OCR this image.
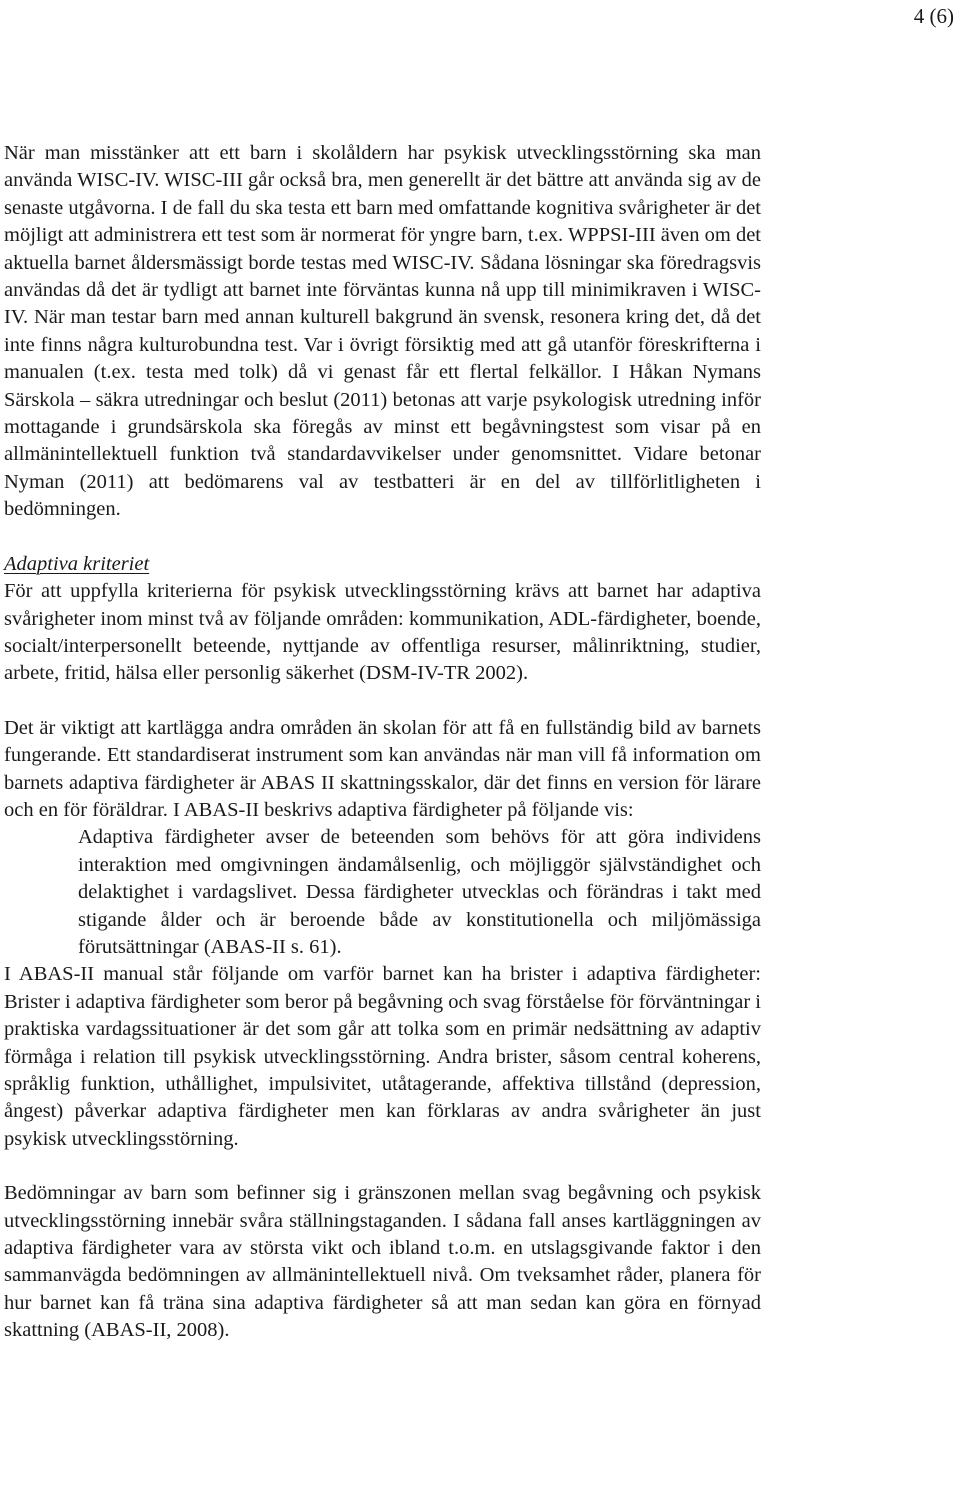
4 (6)

När man misstänker att ett barn i skolåldern har psykisk utvecklingsstörning ska man använda WISC-IV. WISC-III går också bra, men generellt är det bättre att använda sig av de senaste utgåvorna. I de fall du ska testa ett barn med omfattande kognitiva svårigheter är det möjligt att administrera ett test som är normerat för yngre barn, t.ex. WPPSI-III även om det aktuella barnet åldersmässigt borde testas med WISC-IV. Sådana lösningar ska föredragsvis användas då det är tydligt att barnet inte förväntas kunna nå upp till minimikraven i WISC-IV. När man testar barn med annan kulturell bakgrund än svensk, resonera kring det, då det inte finns några kulturobundna test. Var i övrigt försiktig med att gå utanför föreskrifterna i manualen (t.ex. testa med tolk) då vi genast får ett flertal felkällor. I Håkan Nymans Särskola – säkra utredningar och beslut (2011) betonas att varje psykologisk utredning inför mottagande i grundsärskola ska föregås av minst ett begåvningstest som visar på en allmänintellektuell funktion två standardavvikelser under genomsnittet. Vidare betonar Nyman (2011) att bedömarens val av testbatteri är en del av tillförlitligheten i bedömningen.

Adaptiva kriteriet

För att uppfylla kriterierna för psykisk utvecklingsstörning krävs att barnet har adaptiva svårigheter inom minst två av följande områden: kommunikation, ADL-färdigheter, boende, socialt/interpersonellt beteende, nyttjande av offentliga resurser, målinriktning, studier, arbete, fritid, hälsa eller personlig säkerhet (DSM-IV-TR 2002).

Det är viktigt att kartlägga andra områden än skolan för att få en fullständig bild av barnets fungerande. Ett standardiserat instrument som kan användas när man vill få information om barnets adaptiva färdigheter är ABAS II skattningsskalor, där det finns en version för lärare och en för föräldrar. I ABAS-II beskrivs adaptiva färdigheter på följande vis:

Adaptiva färdigheter avser de beteenden som behövs för att göra individens interaktion med omgivningen ändamålsenlig, och möjliggör självständighet och delaktighet i vardagslivet. Dessa färdigheter utvecklas och förändras i takt med stigande ålder och är beroende både av konstitutionella och miljömässiga förutsättningar (ABAS-II s. 61).

I ABAS-II manual står följande om varför barnet kan ha brister i adaptiva färdigheter: Brister i adaptiva färdigheter som beror på begåvning och svag förståelse för förväntningar i praktiska vardagssituationer är det som går att tolka som en primär nedsättning av adaptiv förmåga i relation till psykisk utvecklingsstörning. Andra brister, såsom central koherens, språklig funktion, uthållighet, impulsivitet, utåtagerande, affektiva tillstånd (depression, ångest) påverkar adaptiva färdigheter men kan förklaras av andra svårigheter än just psykisk utvecklingsstörning.

Bedömningar av barn som befinner sig i gränszonen mellan svag begåvning och psykisk utvecklingsstörning innebär svåra ställningstaganden. I sådana fall anses kartläggningen av adaptiva färdigheter vara av största vikt och ibland t.o.m. en utslagsgivande faktor i den sammanvägda bedömningen av allmänintellektuell nivå. Om tveksamhet råder, planera för hur barnet kan få träna sina adaptiva färdigheter så att man sedan kan göra en förnyad skattning (ABAS-II, 2008).
